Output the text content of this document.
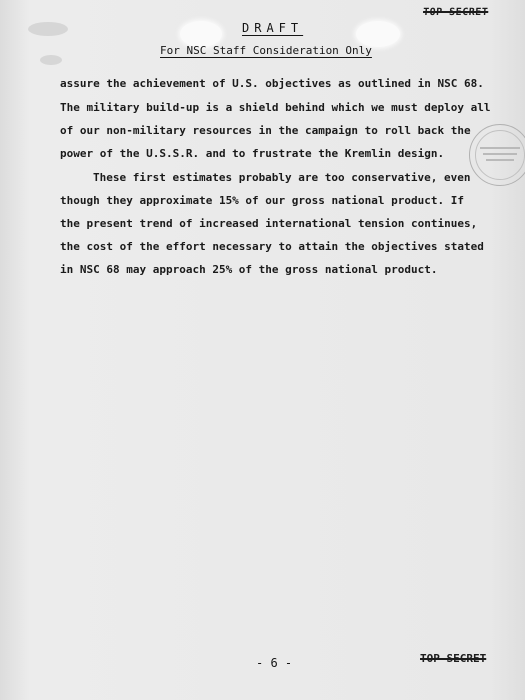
TOP SECRET
DRAFT
For NSC Staff Consideration Only
assure the achievement of U.S. objectives as outlined in NSC 68.
The military build-up is a shield behind which we must deploy all
of our non-military resources in the campaign to roll back the
power of the U.S.S.R. and to frustrate the Kremlin design.
These first estimates probably are too conservative, even
though they approximate 15% of our gross national product. If
the present trend of increased international tension continues,
the cost of the effort necessary to attain the objectives stated
in NSC 68 may approach 25% of the gross national product.
- 6 -	TOP SECRET
